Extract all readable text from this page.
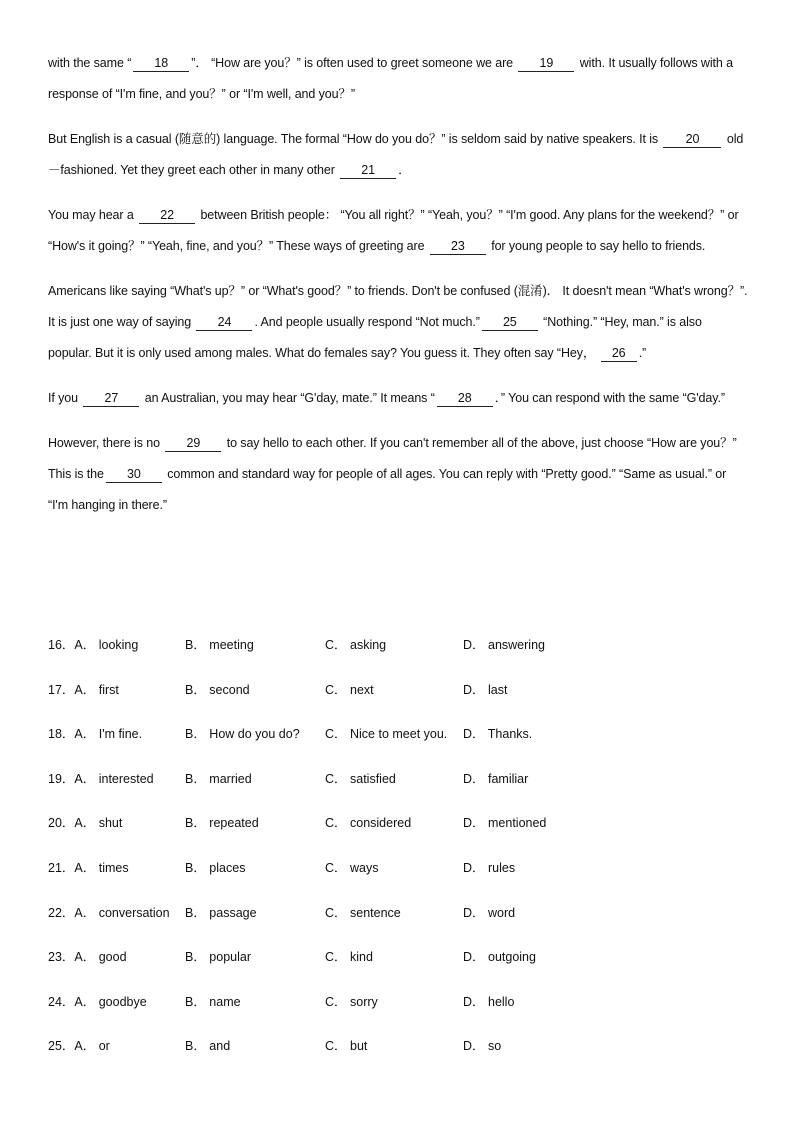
with the same “ 18 ”． “How are you？” is often used to greet someone we are 19 with. It usually follows with a response of “I'm fine, and you？” or “I'm well, and you？”

But English is a casual (随意的) language. The formal “How do you do？” is seldom said by native speakers. It is 20 old－fashioned. Yet they greet each other in many other 21 ．

You may hear a 22 between British people： “You all right？” “Yeah, you？” “I'm good. Any plans for the weekend？” or “How's it going？” “Yeah, fine, and you？” These ways of greeting are 23 for young people to say hello to friends.

Americans like saying “What's up？” or “What's good？” to friends. Don't be confused (混淆)． It doesn't mean “What's wrong？”. It is just one way of saying 24 . And people usually respond “Not much.” 25 “Nothing.” “Hey, man.” is also popular. But it is only used among males. What do females say? You guess it. They often say “Hey， 26 .”

If you 27 an Australian, you may hear “G'day, mate.” It means “ 28 ．” You can respond with the same “G'day.”

However, there is no 29 to say hello to each other. If you can't remember all of the above, just choose “How are you？” This is the 30 common and standard way for people of all ages. You can reply with “Pretty good.” “Same as usual.” or “I'm hanging in there.”

16．A． looking	B． meeting	C． asking	D． answering
17．A． first	B． second	C． next	D． last
18．A． I'm fine.	B． How do you do? C． Nice to meet you. D． Thanks.
19．A． interested	B． married	C． satisfied	D． familiar
20．A． shut	B． repeated	C． considered	D． mentioned
21．A． times	B． places	C． ways	D． rules
22．A． conversation B． passage	C． sentence	D． word
23．A． good	B． popular	C． kind	D． outgoing
24．A． goodbye	B． name	C． sorry	D． hello
25．A． or	B． and	C． but	D． so
